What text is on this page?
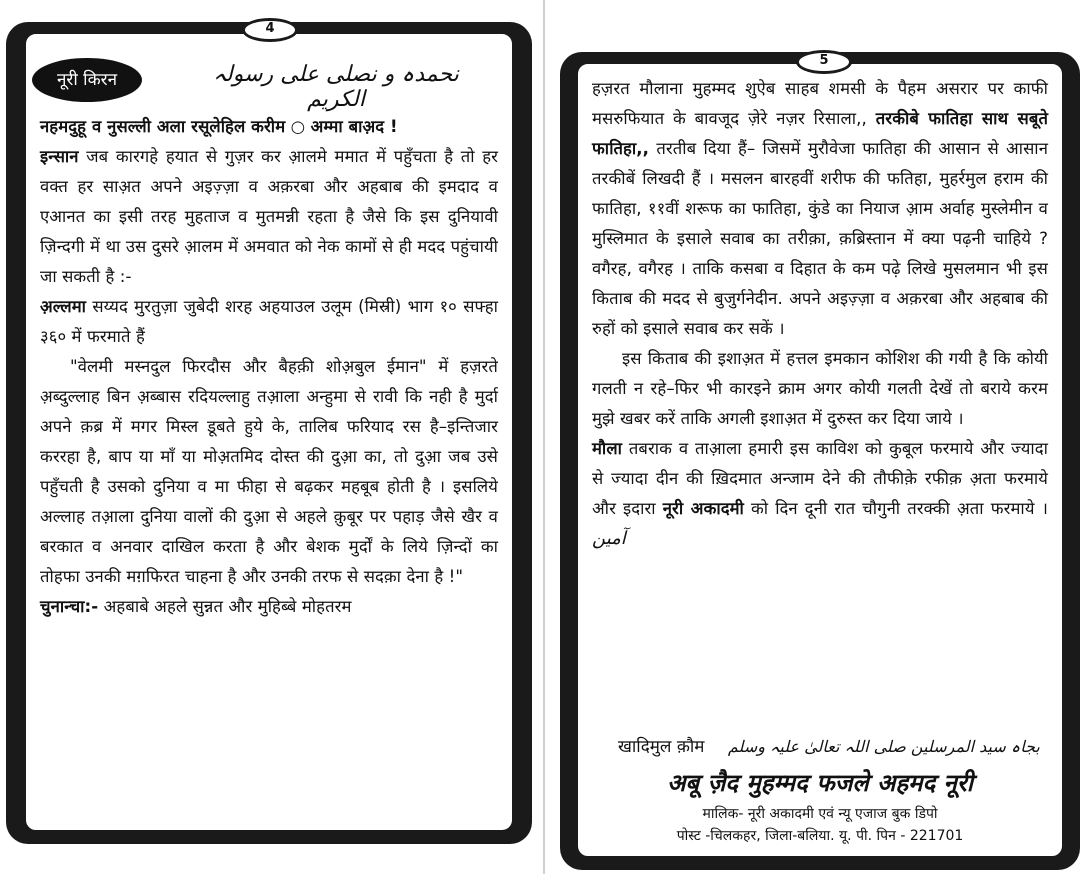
नूरी किरन	نحمدہ و نصلی علی رسولہ الکریم

नहमदुहू व नुसल्ली अला रसूलेहिल करीम ○ अम्मा बाअ़द !

इन्सान जब कारगहे हयात से गुज़र कर आ़लमे ममात में पहुँचता है तो हर वक्त हर साअ़त अपने अइज़्ज़ा व अक़रबा और अहबाब की इमदाद व एआनत का इसी तरह मुहताज व मुतमन्नी रहता है जैसे कि इस दुनियावी ज़िन्दगी में था उस दुसरे आ़लम में अमवात को नेक कामों से ही मदद पहुंचायी जा सकती है :-

अ़ल्लमा सय्यद मुरतुज़ा जुबेदी शरह अहयाउल उलूम (मिस्री) भाग १० सफ्हा ३६० में फरमाते हैं

"वेलमी मस्नदुल फिरदौस और बैहक़ी शोअ़बुल ईमान" में हज़रते अ़ब्दुल्लाह बिन अ़ब्बास रदियल्लाहु तआ़ला अन्हुमा से रावी कि नही है मुर्दा अपने क़ब्र में मगर मिस्ल डूबते हुये के, तालिब फरियाद रस है–इन्तिजार कररहा है, बाप या माँ या मोअ़तमिद दोस्त की दुआ़ का, तो दुआ़ जब उसे पहुँचती है उसको दुनिया व मा फीहा से बढ़कर महबूब होती है । इसलिये अल्लाह तआ़ला दुनिया वालों की दुआ़ से अहले क़ुबूर पर पहाड़ जैसे खैर व बरकात व अनवार दाखिल करता है और बेशक मुर्दों के लिये ज़िन्दों का तोहफा उनकी मग़फिरत चाहना है और उनकी तरफ से सदक़ा देना है !"

चुनान्चा:- अहबाबे अहले सुन्नत और मुहिब्बे मोहतरम

4

हज़रत मौलाना मुहम्मद शुऐब साहब शमसी के पैहम असरार पर काफी मसरुफियात के बावजूद ज़ेरे नज़र रिसाला,, तरकीबे फातिहा साथ सबूते फातिहा,, तरतीब दिया हैं– जिसमें मुरौवेजा फातिहा की आसान से आसान तरकीबें लिखदी हैं । मसलन बारहवीं शरीफ की फतिहा, मुहर्रमुल हराम की फातिहा, ११वीं शरूफ का फातिहा, कुंडे का नियाज आ़म अर्वाह मुस्लेमीन व मुस्लिमात के इसाले सवाब का तरीक़ा, क़ब्रिस्तान में क्या पढ़नी चाहिये ? वगैरह, वगैरह । ताकि कसबा व दिहात के कम पढ़े लिखे मुसलमान भी इस किताब की मदद से बुजुर्गनेदीन. अपने अइज़्ज़ा व अक़रबा और अहबाब की रुहों को इसाले सवाब कर सकें ।

इस किताब की इशाअ़त में हत्तल इमकान कोशिश की गयी है कि कोयी गलती न रहे–फिर भी कारइने क्राम अगर कोयी गलती देखें तो बराये करम मुझे खबर करें ताकि अगली इशाअ़त में दुरुस्त कर दिया जाये ।

मौला तबराक व ताआ़ला हमारी इस काविश को कुबूल फरमाये और ज्यादा से ज्यादा दीन की ख़िदमात अन्जाम देने की तौफीक़े रफीक़ अ़ता फरमाये और इदारा नूरी अकादमी को दिन दूनी रात चौगुनी तरक्की अ़ता फरमाये । آمین

खादिमुल क़ौम بجاہ سید المرسلین صلی اللہ تعالیٰ علیہ وسلم
अबू ज़ैद मुहम्मद फजले अहमद नूरी
मालिक- नूरी अकादमी एवं न्यू एजाज बुक डिपो
पोस्ट -चिलकहर, जिला-बलिया. यू. पी. पिन - 221701
5
